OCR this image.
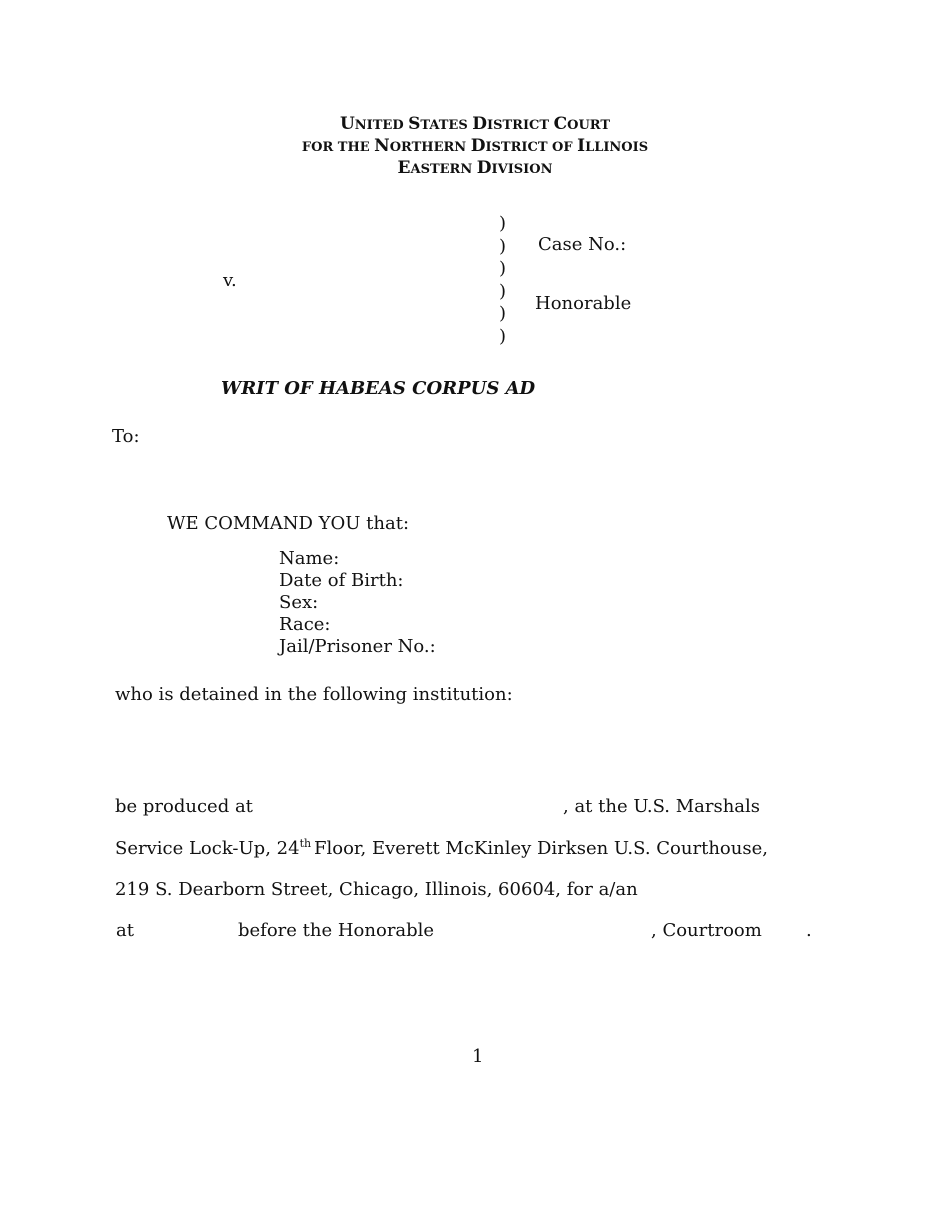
UNITED STATES DISTRICT COURT
FOR THE NORTHERN DISTRICT OF ILLINOIS
EASTERN DIVISION
v.
)
)
)
)
)
)
Case No.:
Honorable
WRIT OF HABEAS CORPUS AD
To:
WE COMMAND YOU that:
Name:
Date of Birth:
Sex:
Race:
Jail/Prisoner No.:
who is detained in the following institution:
be produced at	, at the U.S. Marshals
Service Lock-Up, 24th Floor, Everett McKinley Dirksen U.S. Courthouse,
219 S. Dearborn Street, Chicago, Illinois, 60604, for a/an
at	before the Honorable	, Courtroom .
1
